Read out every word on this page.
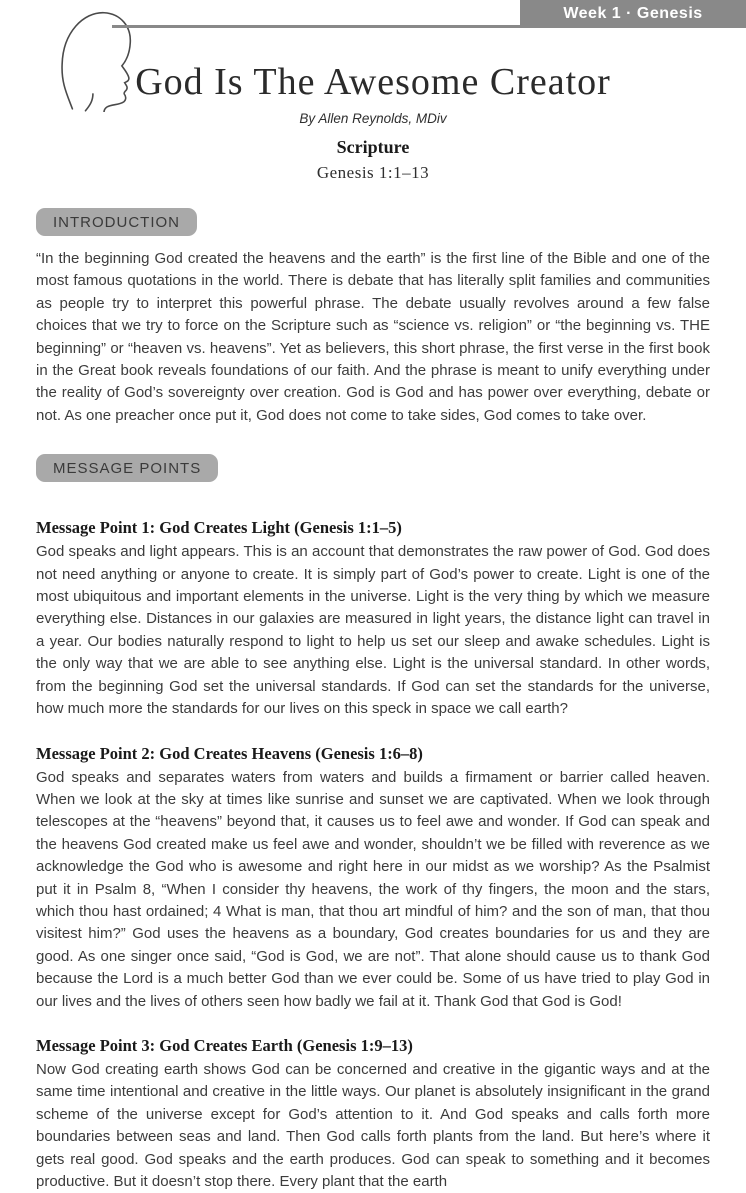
Week 1 · Genesis
God Is The Awesome Creator
By Allen Reynolds, MDiv
Scripture
Genesis 1:1–13
INTRODUCTION

“In the beginning God created the heavens and the earth” is the first line of the Bible and one of the most famous quotations in the world. There is debate that has literally split families and communities as people try to interpret this powerful phrase. The debate usually revolves around a few false choices that we try to force on the Scripture such as “science vs. religion” or “the beginning vs. THE beginning” or “heaven vs. heavens”. Yet as believers, this short phrase, the first verse in the first book in the Great book reveals foundations of our faith. And the phrase is meant to unify everything under the reality of God’s sovereignty over creation. God is God and has power over everything, debate or not. As one preacher once put it, God does not come to take sides, God comes to take over.

MESSAGE POINTS
Message Point 1: God Creates Light (Genesis 1:1–5)

God speaks and light appears. This is an account that demonstrates the raw power of God. God does not need anything or anyone to create. It is simply part of God’s power to create. Light is one of the most ubiquitous and important elements in the universe. Light is the very thing by which we measure everything else. Distances in our galaxies are measured in light years, the distance light can travel in a year. Our bodies naturally respond to light to help us set our sleep and awake schedules. Light is the only way that we are able to see anything else. Light is the universal standard. In other words, from the beginning God set the universal standards. If God can set the standards for the universe, how much more the standards for our lives on this speck in space we call earth?

Message Point 2: God Creates Heavens (Genesis 1:6–8)

God speaks and separates waters from waters and builds a firmament or barrier called heaven. When we look at the sky at times like sunrise and sunset we are captivated. When we look through telescopes at the “heavens” beyond that, it causes us to feel awe and wonder. If God can speak and the heavens God created make us feel awe and wonder, shouldn’t we be filled with reverence as we acknowledge the God who is awesome and right here in our midst as we worship? As the Psalmist put it in Psalm 8, “When I consider thy heavens, the work of thy fingers, the moon and the stars, which thou hast ordained; 4 What is man, that thou art mindful of him? and the son of man, that thou visitest him?” God uses the heavens as a boundary, God creates boundaries for us and they are good. As one singer once said, “God is God, we are not”. That alone should cause us to thank God because the Lord is a much better God than we ever could be. Some of us have tried to play God in our lives and the lives of others seen how badly we fail at it. Thank God that God is God!

Message Point 3: God Creates Earth (Genesis 1:9–13)

Now God creating earth shows God can be concerned and creative in the gigantic ways and at the same time intentional and creative in the little ways. Our planet is absolutely insignificant in the grand scheme of the universe except for God’s attention to it. And God speaks and calls forth more boundaries between seas and land. Then God calls forth plants from the land. But here’s where it gets real good. God speaks and the earth produces. God can speak to something and it becomes productive. But it doesn’t stop there. Every plant that the earth
